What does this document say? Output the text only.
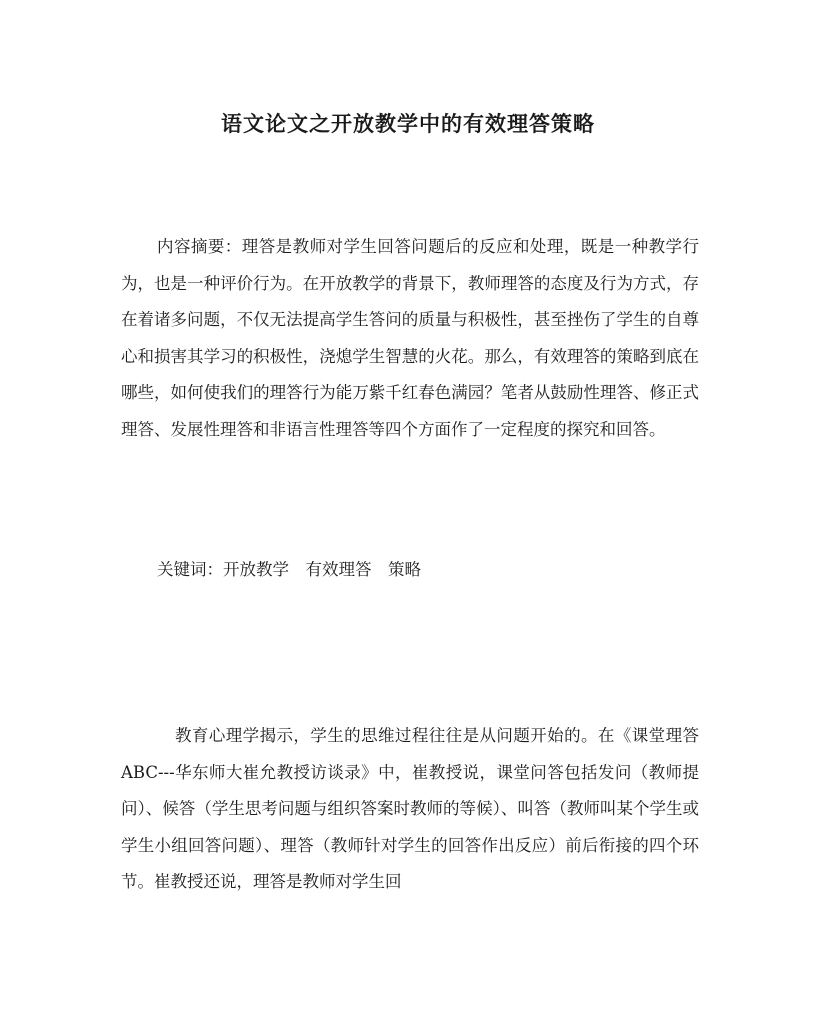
语文论文之开放教学中的有效理答策略

内容摘要：理答是教师对学生回答问题后的反应和处理，既是一种教学行为，也是一种评价行为。在开放教学的背景下，教师理答的态度及行为方式，存在着诸多问题，不仅无法提高学生答问的质量与积极性，甚至挫伤了学生的自尊心和损害其学习的积极性，浇熄学生智慧的火花。那么，有效理答的策略到底在哪些，如何使我们的理答行为能万紫千红春色满园？笔者从鼓励性理答、修正式理答、发展性理答和非语言性理答等四个方面作了一定程度的探究和回答。

关键词：开放教学　有效理答　策略

教育心理学揭示，学生的思维过程往往是从问题开始的。在《课堂理答ABC---华东师大崔允教授访谈录》中，崔教授说，课堂问答包括发问（教师提问）、候答（学生思考问题与组织答案时教师的等候）、叫答（教师叫某个学生或学生小组回答问题）、理答（教师针对学生的回答作出反应）前后衔接的四个环节。崔教授还说，理答是教师对学生回
